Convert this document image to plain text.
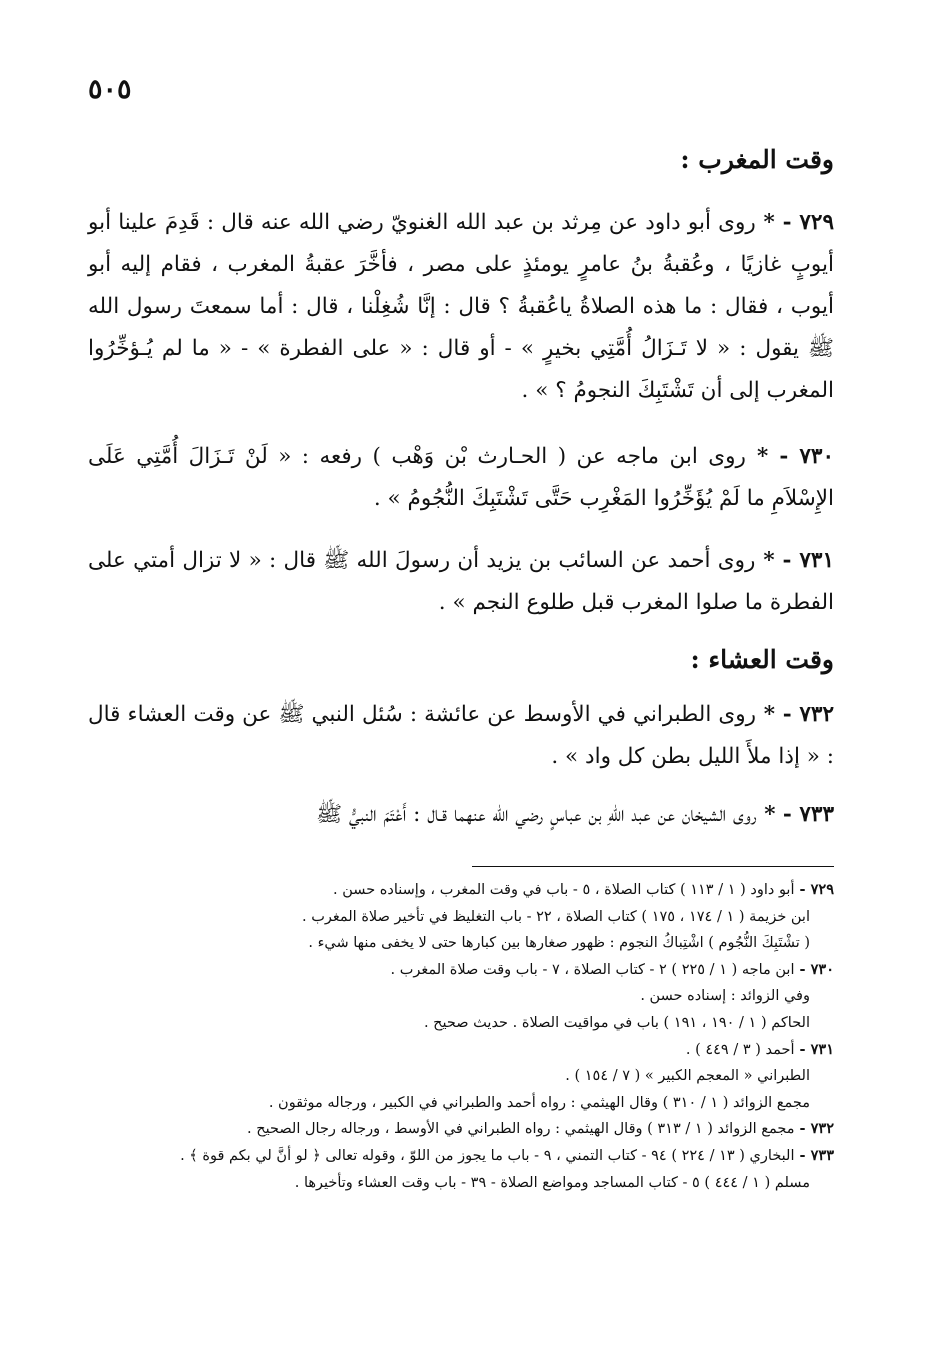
٥٠٥
وقت المغرب :

٧٢٩ - * روى أبو داود عن مِرثد بن عبد الله الغنويّ رضي الله عنه قال : قَدِمَ علينا أبو أيوبٍ غازيًا ، وعُقبةُ بنُ عامرٍ يومئذٍ على مصر ، فأخَّرَ عقبةُ المغرب ، فقام إليه أبو أيوب ، فقال : ما هذه الصلاةُ ياعُقبةُ ؟ قال : إنَّا شُغِلْنا ، قال : أما سمعتَ رسول الله ﷺ يقول : « لا تَـزَالُ أُمَّتِي بخيرٍ » - أو قال : « على الفطرة » - « ما لم يُـؤخِّرُوا المغرب إلى أن تَشْتَبِكَ النجومُ ؟ » .

٧٣٠ - * روى ابن ماجه عن ( الحـارث بْن وَهْب ) رفعه : « لَنْ تَـزَالَ أُمَّتِي عَلَى الإِسْلاَمِ ما لَمْ يُؤَخِّرُوا المَغْرِب حَتَّى تَشْتَبِكَ النُّجُومُ » .

٧٣١ - * روى أحمد عن السائب بن يزيد أن رسولَ الله ﷺ قال : « لا تزال أمتي على الفطرة ما صلوا المغرب قبل طلوع النجم » .

وقت العشاء :

٧٣٢ - * روى الطبراني في الأوسط عن عائشة : سُئل النبي ﷺ عن وقت العشاء قال : « إذا ملأَ الليل بطن كل واد » .

٧٣٣ - * روى الشيخان عن عبد اللهِ بن عباسٍ رضي الله عنهما قـال : أَعْتَمَ النبيُّ ﷺ

٧٢٩ - أبو داود ( ١ / ١١٣ ) كتاب الصلاة ، ٥ - باب في وقت المغرب ، وإسناده حسن .

ابن خزيمة ( ١ / ١٧٤ ، ١٧٥ ) كتاب الصلاة ، ٢٢ - باب التغليظ في تأخير صلاة المغرب .

( تشْتَبِكَ النُّجُوم ) اشْتِباكُ النجوم : ظهور صغارها بين كبارها حتى لا يخفى منها شيء .

٧٣٠ - ابن ماجه ( ١ / ٢٢٥ ) ٢ - كتاب الصلاة ، ٧ - باب وقت صلاة المغرب .

وفي الزوائد : إسناده حسن .

الحاكم ( ١ / ١٩٠ ، ١٩١ ) باب في مواقيت الصلاة . حديث صحيح .

٧٣١ - أحمد ( ٣ / ٤٤٩ ) .

الطبراني « المعجم الكبير » ( ٧ / ١٥٤ ) .

مجمع الزوائد ( ١ / ٣١٠ ) وقال الهيثمي : رواه أحمد والطبراني في الكبير ، ورجاله موثقون .

٧٣٢ - مجمع الزوائد ( ١ / ٣١٣ ) وقال الهيثمي : رواه الطبراني في الأوسط ، ورجاله رجال الصحيح .

٧٣٣ - البخاري ( ١٣ / ٢٢٤ ) ٩٤ - كتاب التمني ، ٩ - باب ما يجوز من اللوّ ، وقوله تعالى ﴿ لو أنَّ لي بكم قوة ﴾ .

مسلم ( ١ / ٤٤٤ ) ٥ - كتاب المساجد ومواضع الصلاة - ٣٩ - باب وقت العشاء وتأخيرها .
